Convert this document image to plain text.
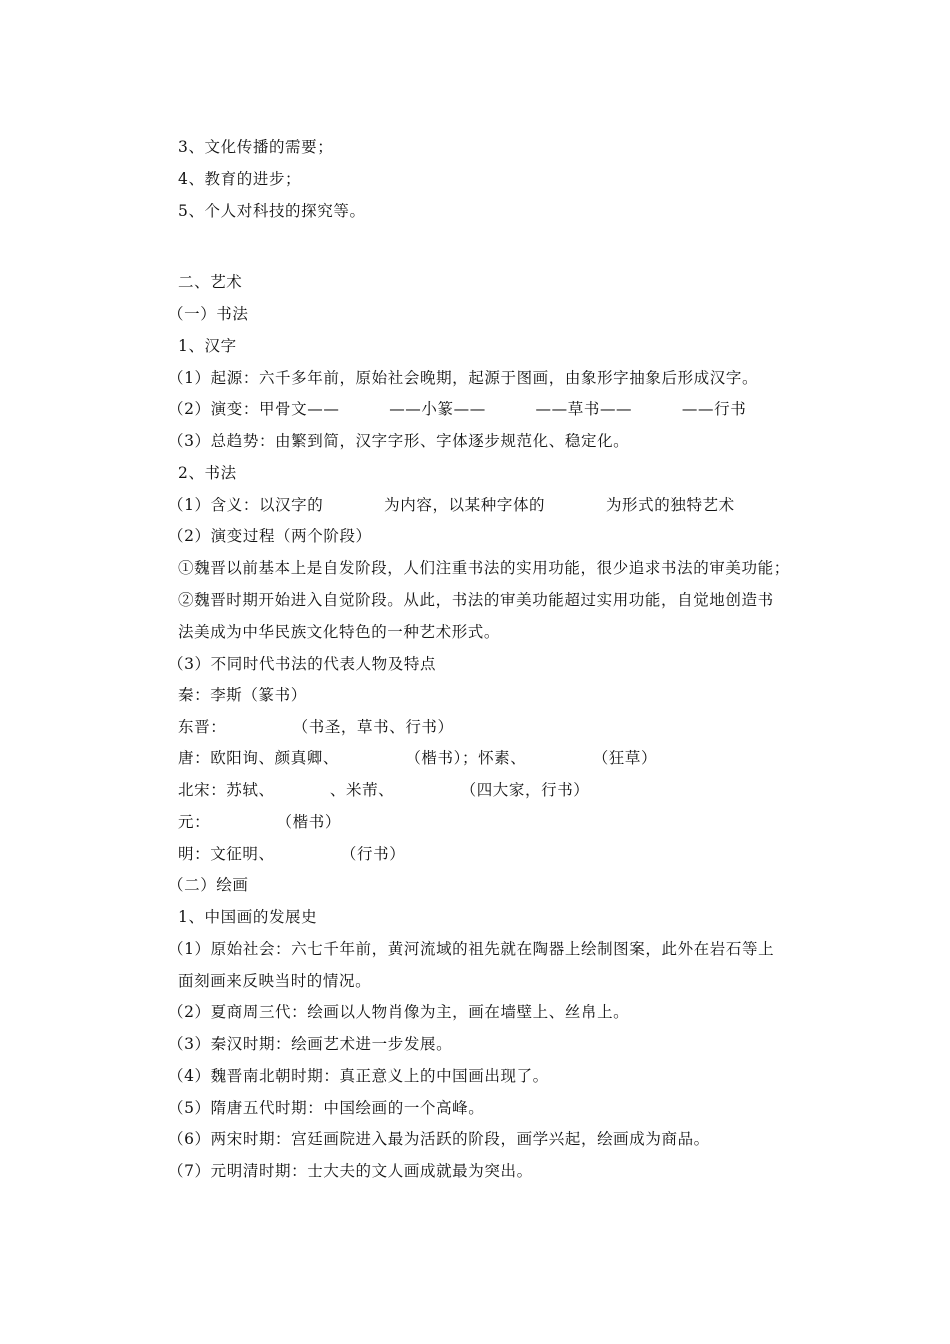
3、文化传播的需要；
4、教育的进步；
5、个人对科技的探究等。
二、艺术
（一）书法
1、汉字
（1）起源：六千多年前，原始社会晚期，起源于图画，由象形字抽象后形成汉字。
（2）演变：甲骨文——         ——小篆——         ——草书——         ——行书
（3）总趋势：由繁到简，汉字字形、字体逐步规范化、稳定化。
2、书法
（1）含义：以汉字的           为内容，以某种字体的           为形式的独特艺术
（2）演变过程（两个阶段）
①魏晋以前基本上是自发阶段，人们注重书法的实用功能，很少追求书法的审美功能；
②魏晋时期开始进入自觉阶段。从此，书法的审美功能超过实用功能，自觉地创造书
法美成为中华民族文化特色的一种艺术形式。
（3）不同时代书法的代表人物及特点
秦：李斯（篆书）
东晋：            （书圣，草书、行书）
唐：欧阳询、颜真卿、            （楷书）；怀素、            （狂草）
北宋：苏轼、          、米芾、            （四大家，行书）
元：            （楷书）
明：文征明、            （行书）
（二）绘画
1、中国画的发展史
（1）原始社会：六七千年前，黄河流域的祖先就在陶器上绘制图案，此外在岩石等上
面刻画来反映当时的情况。
（2）夏商周三代：绘画以人物肖像为主，画在墙壁上、丝帛上。
（3）秦汉时期：绘画艺术进一步发展。
（4）魏晋南北朝时期：真正意义上的中国画出现了。
（5）隋唐五代时期：中国绘画的一个高峰。
（6）两宋时期：宫廷画院进入最为活跃的阶段，画学兴起，绘画成为商品。
（7）元明清时期：士大夫的文人画成就最为突出。
